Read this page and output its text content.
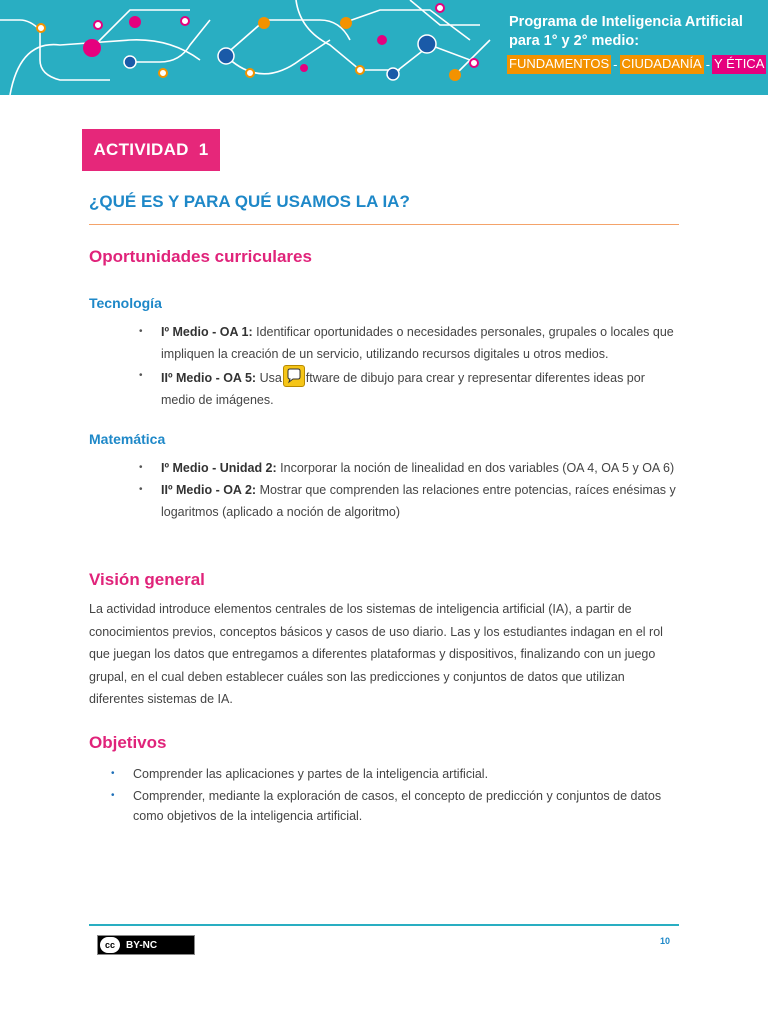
Programa de Inteligencia Artificial
para 1° y 2° medio:
FUNDAMENTOS - CIUDADANÍA - Y ÉTICA
ACTIVIDAD  1
¿QUÉ ES Y PARA QUÉ USAMOS LA IA?
Oportunidades curriculares
Tecnología
• Iº Medio - OA 1: Identificar oportunidades o necesidades personales, grupales o locales que impliquen la creación de un servicio, utilizando recursos digitales u otros medios.
• IIº Medio - OA 5: Usa ftware de dibujo para crear y representar diferentes ideas por medio de imágenes.
Matemática
• Iº Medio - Unidad 2: Incorporar la noción de linealidad en dos variables (OA 4, OA 5 y OA 6)
• IIº Medio - OA 2: Mostrar que comprenden las relaciones entre potencias, raíces enésimas y logaritmos (aplicado a noción de algoritmo)
Visión general

La actividad introduce elementos centrales de los sistemas de inteligencia artificial (IA), a partir de conocimientos previos, conceptos básicos y casos de uso diario. Las y los estudiantes indagan en el rol que juegan los datos que entregamos a diferentes plataformas y dispositivos, finalizando con un juego grupal, en el cual deben establecer cuáles son las predicciones y conjuntos de datos que utilizan diferentes sistemas de IA.

Objetivos
• Comprender las aplicaciones y partes de la inteligencia artificial.
• Comprender, mediante la exploración de casos, el concepto de predicción y conjuntos de datos como objetivos de la inteligencia artificial.
cc	BY-NC	10
